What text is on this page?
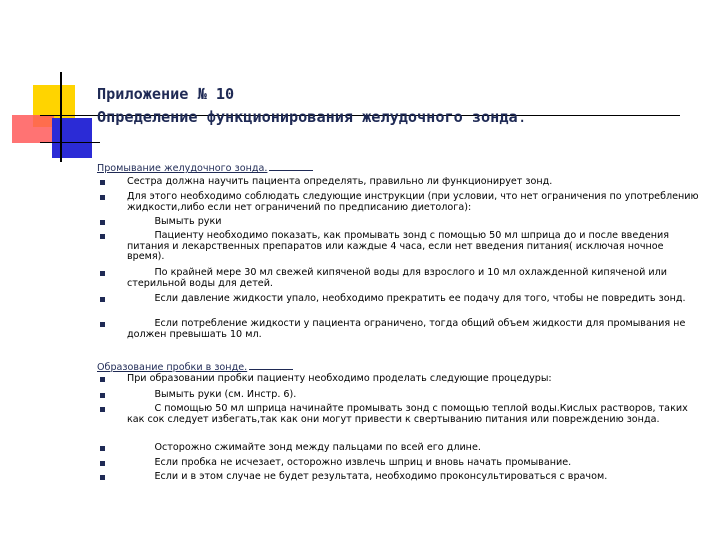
Приложение № 10
Определение функционирования желудочного зонда.
Промывание желудочного зонда.
Сестра должна научить пациента определять, правильно ли функционирует зонд.
Для этого необходимо соблюдать следующие инструкции (при условии, что нет ограничения по употреблению жидкости,либо если нет ограничений по предписанию диетолога):
Вымыть руки
Пациенту необходимо показать, как промывать зонд с помощью 50 мл шприца до и после введения питания и лекарственных препаратов или каждые 4 часа, если нет введения питания( исключая ночное время).
По крайней мере 30 мл свежей кипяченой воды для взрослого и 10 мл охлажденной кипяченой или стерильной воды для детей.
Если давление жидкости упало, необходимо прекратить ее подачу для того, чтобы не повредить зонд.
Если потребление жидкости у пациента ограничено, тогда общий объем жидкости для промывания не должен превышать 10 мл.
Образование пробки в зонде.
При образовании пробки пациенту необходимо проделать следующие процедуры:
Вымыть руки (см. Инстр. 6).
С помощью 50 мл шприца начинайте промывать зонд с помощью теплой воды.Кислых растворов, таких как сок следует избегать,так как они могут привести к свертыванию питания или повреждению зонда.
Осторожно сжимайте зонд между пальцами по всей его длине.
Если пробка не исчезает, осторожно извлечь шприц и вновь начать промывание.
Если и в этом случае не будет результата, необходимо проконсультироваться с врачом.
